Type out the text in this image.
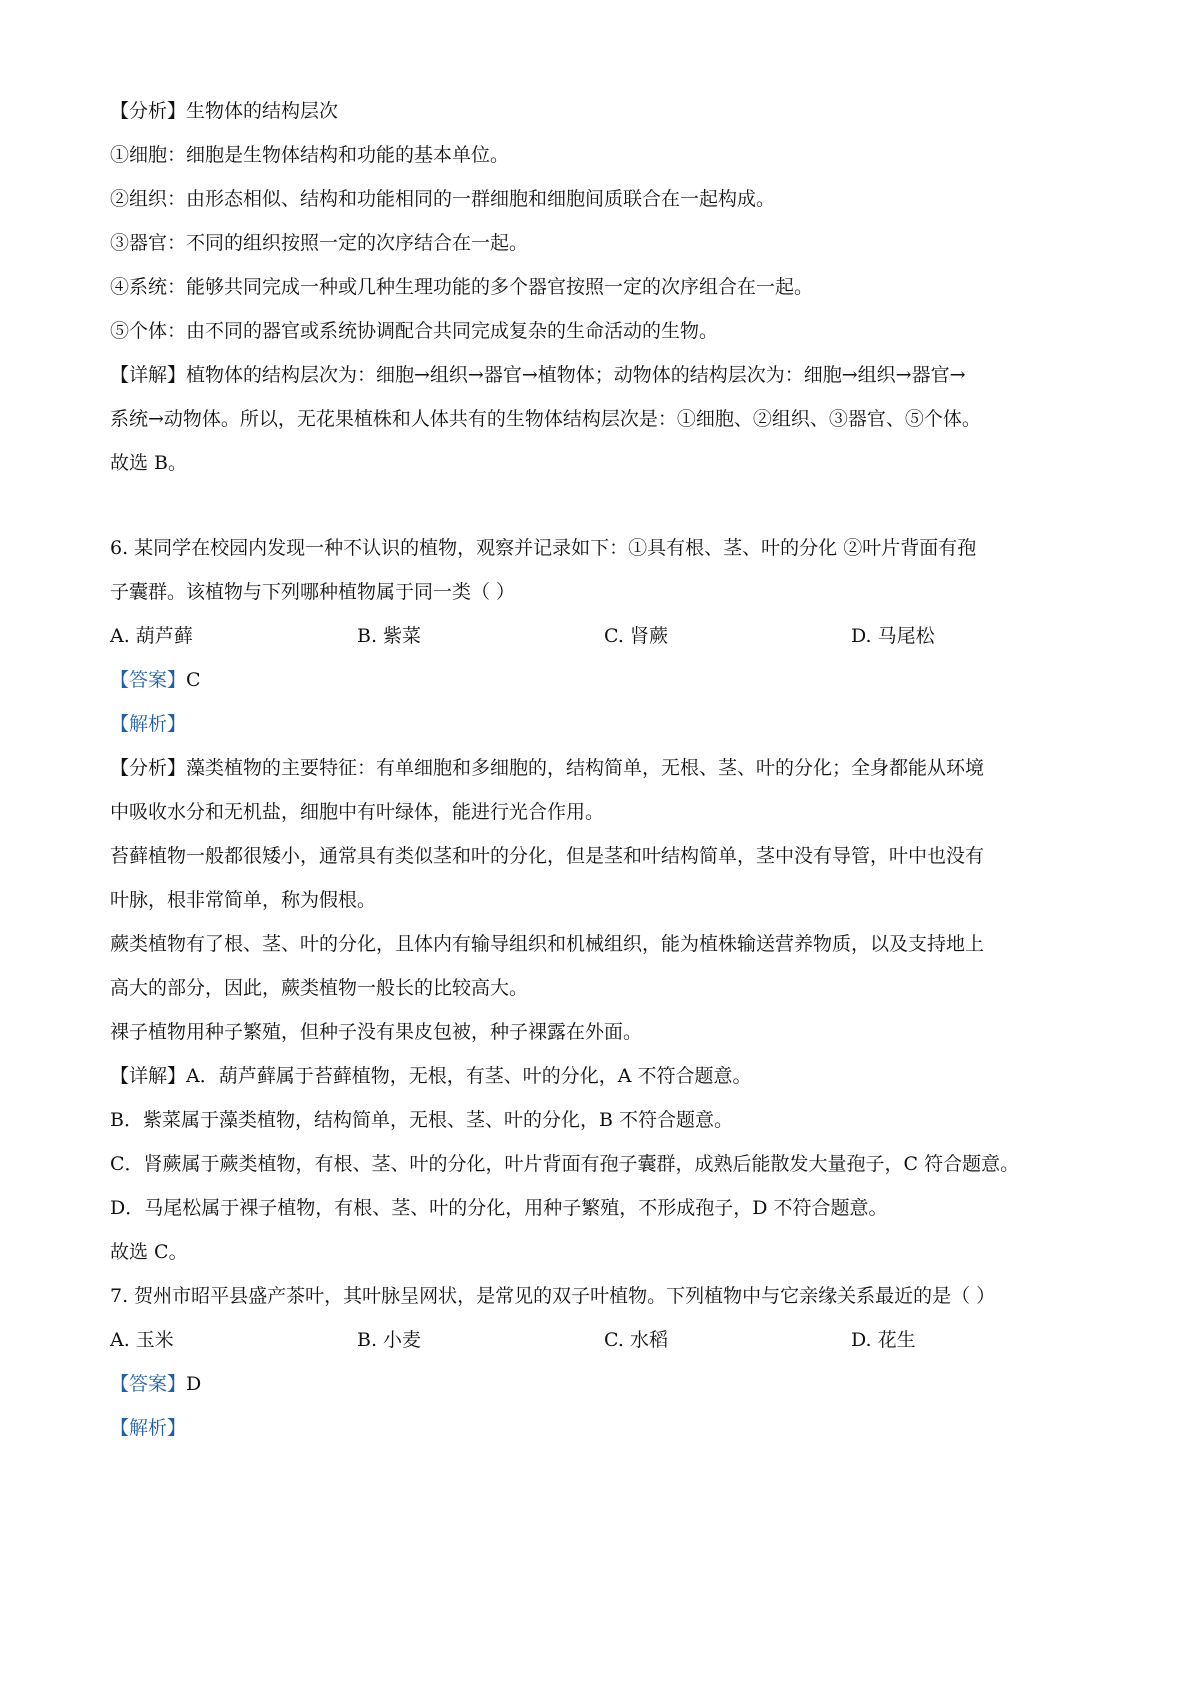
【分析】生物体的结构层次
①细胞：细胞是生物体结构和功能的基本单位。
②组织：由形态相似、结构和功能相同的一群细胞和细胞间质联合在一起构成。
③器官：不同的组织按照一定的次序结合在一起。
④系统：能够共同完成一种或几种生理功能的多个器官按照一定的次序组合在一起。
⑤个体：由不同的器官或系统协调配合共同完成复杂的生命活动的生物。
【详解】植物体的结构层次为：细胞→组织→器官→植物体；动物体的结构层次为：细胞→组织→器官→
系统→动物体。所以，无花果植株和人体共有的生物体结构层次是：①细胞、②组织、③器官、⑤个体。
故选 B。
6. 某同学在校园内发现一种不认识的植物，观察并记录如下：①具有根、茎、叶的分化 ②叶片背面有孢
子囊群。该植物与下列哪种植物属于同一类（ ）
A. 葫芦藓	B. 紫菜	C. 肾蕨	D. 马尾松
【答案】C
【解析】
【分析】藻类植物的主要特征：有单细胞和多细胞的，结构简单，无根、茎、叶的分化；全身都能从环境
中吸收水分和无机盐，细胞中有叶绿体，能进行光合作用。
苔藓植物一般都很矮小，通常具有类似茎和叶的分化，但是茎和叶结构简单，茎中没有导管，叶中也没有
叶脉，根非常简单，称为假根。
蕨类植物有了根、茎、叶的分化，且体内有输导组织和机械组织，能为植株输送营养物质，以及支持地上
高大的部分，因此，蕨类植物一般长的比较高大。
裸子植物用种子繁殖，但种子没有果皮包被，种子裸露在外面。
【详解】A．葫芦藓属于苔藓植物，无根，有茎、叶的分化，A 不符合题意。
B．紫菜属于藻类植物，结构简单，无根、茎、叶的分化，B 不符合题意。
C．肾蕨属于蕨类植物，有根、茎、叶的分化，叶片背面有孢子囊群，成熟后能散发大量孢子，C 符合题意。
D．马尾松属于裸子植物，有根、茎、叶的分化，用种子繁殖，不形成孢子，D 不符合题意。
故选 C。
7. 贺州市昭平县盛产茶叶，其叶脉呈网状，是常见的双子叶植物。下列植物中与它亲缘关系最近的是（ ）
A. 玉米	B. 小麦	C. 水稻	D. 花生
【答案】D
【解析】
